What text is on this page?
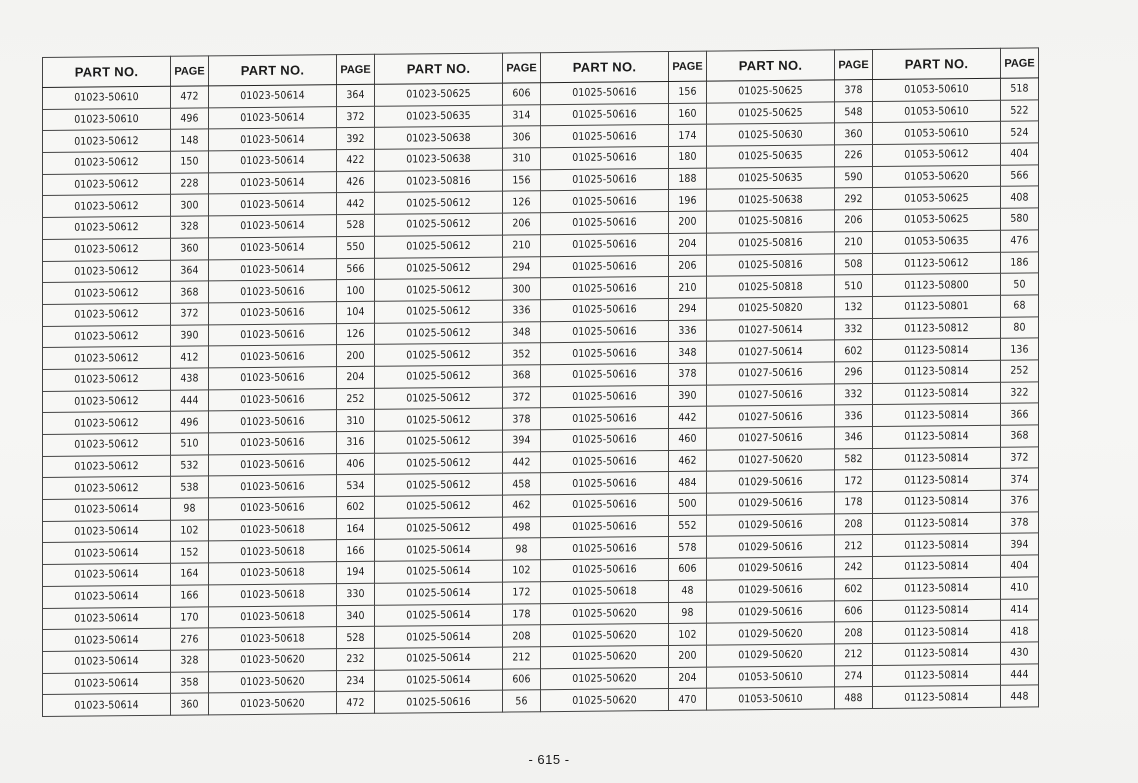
PART NO.	PAGE	PART NO.	PAGE	PART NO.	PAGE	PART NO.	PAGE	PART NO.	PAGE	PART NO.	PAGE
01023-50610	472	01023-50614	364	01023-50625	606	01025-50616	156	01025-50625	378	01053-50610	518
01023-50610	496	01023-50614	372	01023-50635	314	01025-50616	160	01025-50625	548	01053-50610	522
01023-50612	148	01023-50614	392	01023-50638	306	01025-50616	174	01025-50630	360	01053-50610	524
01023-50612	150	01023-50614	422	01023-50638	310	01025-50616	180	01025-50635	226	01053-50612	404
01023-50612	228	01023-50614	426	01023-50816	156	01025-50616	188	01025-50635	590	01053-50620	566
01023-50612	300	01023-50614	442	01025-50612	126	01025-50616	196	01025-50638	292	01053-50625	408
01023-50612	328	01023-50614	528	01025-50612	206	01025-50616	200	01025-50816	206	01053-50625	580
01023-50612	360	01023-50614	550	01025-50612	210	01025-50616	204	01025-50816	210	01053-50635	476
01023-50612	364	01023-50614	566	01025-50612	294	01025-50616	206	01025-50816	508	01123-50612	186
01023-50612	368	01023-50616	100	01025-50612	300	01025-50616	210	01025-50818	510	01123-50800	50
01023-50612	372	01023-50616	104	01025-50612	336	01025-50616	294	01025-50820	132	01123-50801	68
01023-50612	390	01023-50616	126	01025-50612	348	01025-50616	336	01027-50614	332	01123-50812	80
01023-50612	412	01023-50616	200	01025-50612	352	01025-50616	348	01027-50614	602	01123-50814	136
01023-50612	438	01023-50616	204	01025-50612	368	01025-50616	378	01027-50616	296	01123-50814	252
01023-50612	444	01023-50616	252	01025-50612	372	01025-50616	390	01027-50616	332	01123-50814	322
01023-50612	496	01023-50616	310	01025-50612	378	01025-50616	442	01027-50616	336	01123-50814	366
01023-50612	510	01023-50616	316	01025-50612	394	01025-50616	460	01027-50616	346	01123-50814	368
01023-50612	532	01023-50616	406	01025-50612	442	01025-50616	462	01027-50620	582	01123-50814	372
01023-50612	538	01023-50616	534	01025-50612	458	01025-50616	484	01029-50616	172	01123-50814	374
01023-50614	98	01023-50616	602	01025-50612	462	01025-50616	500	01029-50616	178	01123-50814	376
01023-50614	102	01023-50618	164	01025-50612	498	01025-50616	552	01029-50616	208	01123-50814	378
01023-50614	152	01023-50618	166	01025-50614	98	01025-50616	578	01029-50616	212	01123-50814	394
01023-50614	164	01023-50618	194	01025-50614	102	01025-50616	606	01029-50616	242	01123-50814	404
01023-50614	166	01023-50618	330	01025-50614	172	01025-50618	48	01029-50616	602	01123-50814	410
01023-50614	170	01023-50618	340	01025-50614	178	01025-50620	98	01029-50616	606	01123-50814	414
01023-50614	276	01023-50618	528	01025-50614	208	01025-50620	102	01029-50620	208	01123-50814	418
01023-50614	328	01023-50620	232	01025-50614	212	01025-50620	200	01029-50620	212	01123-50814	430
01023-50614	358	01023-50620	234	01025-50614	606	01025-50620	204	01053-50610	274	01123-50814	444
01023-50614	360	01023-50620	472	01025-50616	56	01025-50620	470	01053-50610	488	01123-50814	448
- 615 -
